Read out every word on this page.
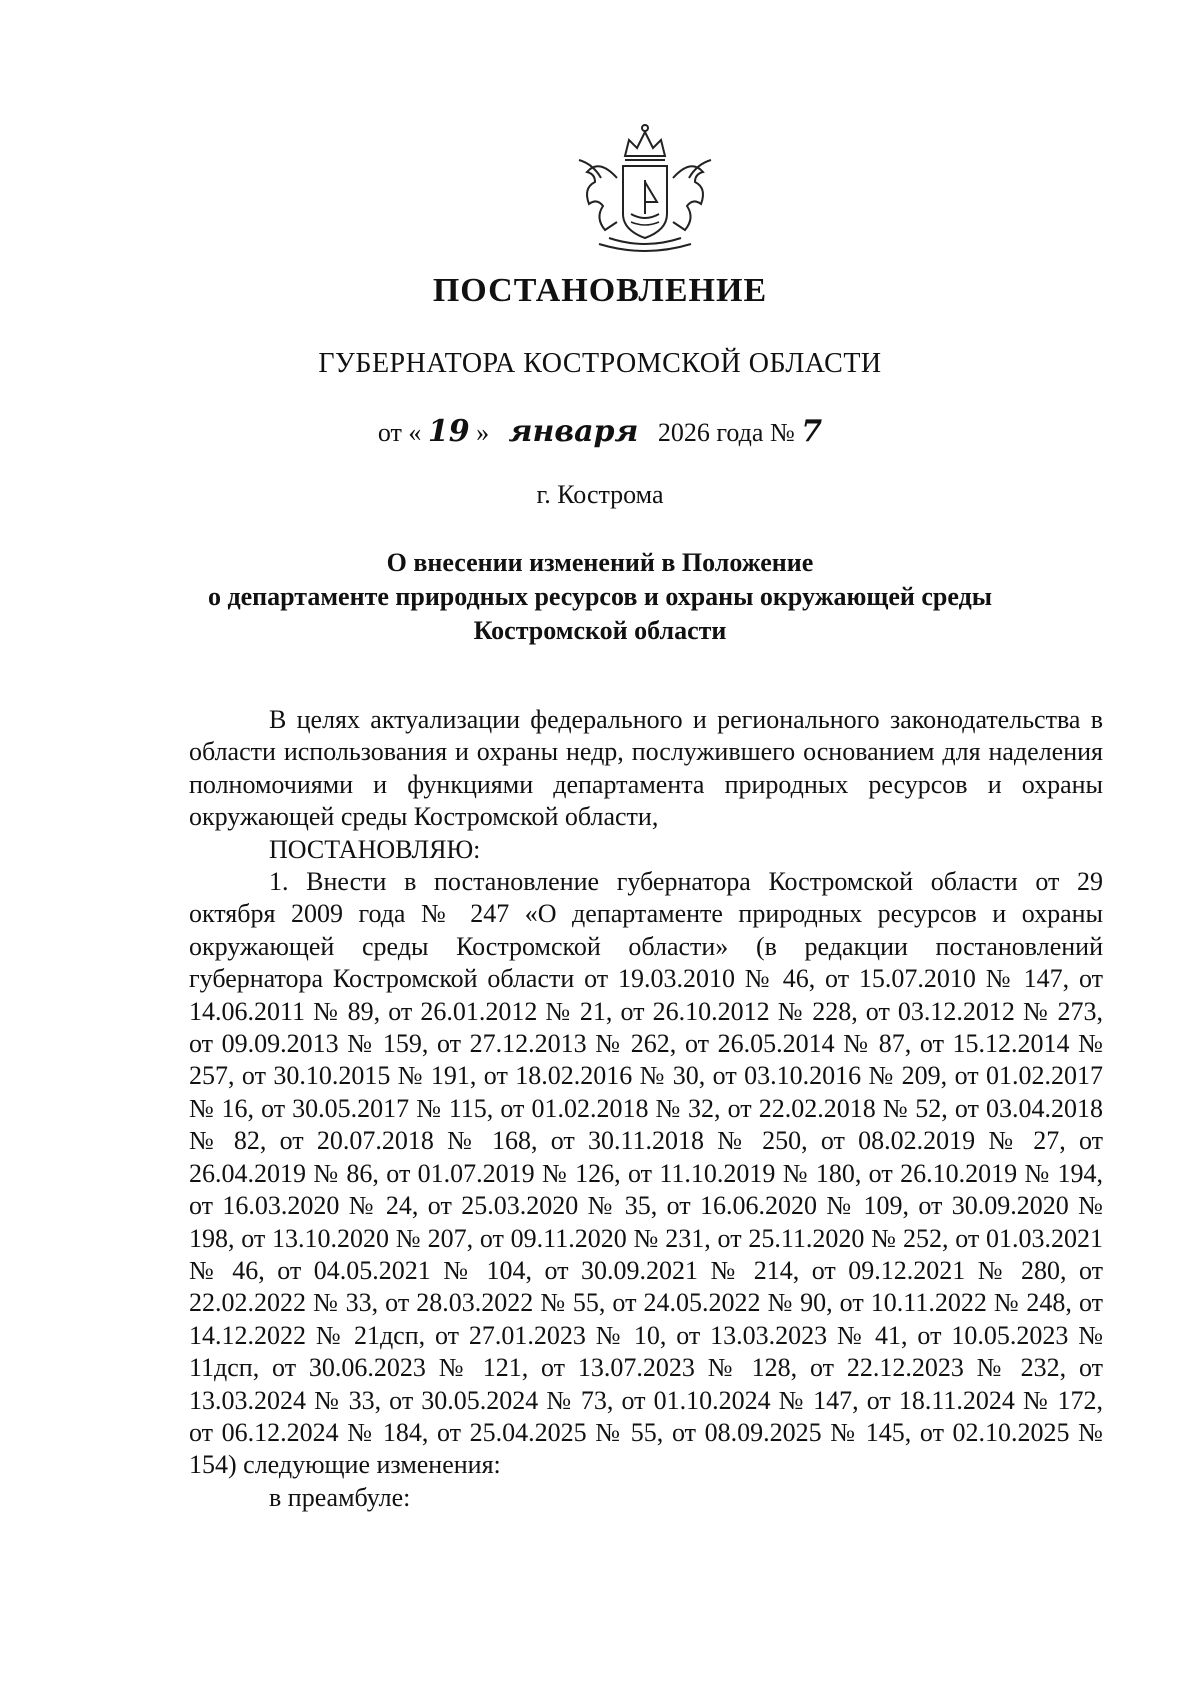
ПОСТАНОВЛЕНИЕ
ГУБЕРНАТОРА КОСТРОМСКОЙ ОБЛАСТИ
от « 19 » января 2026 года № 7
г. Кострома
О внесении изменений в Положение
о департаменте природных ресурсов и охраны окружающей среды
Костромской области

В целях актуализации федерального и регионального законодательства в области использования и охраны недр, послужившего основанием для наделения полномочиями и функциями департамента природных ресурсов и охраны окружающей среды Костромской области,

ПОСТАНОВЛЯЮ:

1. Внести в постановление губернатора Костромской области от 29 октября 2009 года № 247 «О департаменте природных ресурсов и охраны окружающей среды Костромской области» (в редакции постановлений губернатора Костромской области от 19.03.2010 № 46, от 15.07.2010 № 147, от 14.06.2011 № 89, от 26.01.2012 № 21, от 26.10.2012 № 228, от 03.12.2012 № 273, от 09.09.2013 № 159, от 27.12.2013 № 262, от 26.05.2014 № 87, от 15.12.2014 № 257, от 30.10.2015 № 191, от 18.02.2016 № 30, от 03.10.2016 № 209, от 01.02.2017 № 16, от 30.05.2017 № 115, от 01.02.2018 № 32, от 22.02.2018 № 52, от 03.04.2018 № 82, от 20.07.2018 № 168, от 30.11.2018 № 250, от 08.02.2019 № 27, от 26.04.2019 № 86, от 01.07.2019 № 126, от 11.10.2019 № 180, от 26.10.2019 № 194, от 16.03.2020 № 24, от 25.03.2020 № 35, от 16.06.2020 № 109, от 30.09.2020 № 198, от 13.10.2020 № 207, от 09.11.2020 № 231, от 25.11.2020 № 252, от 01.03.2021 № 46, от 04.05.2021 № 104, от 30.09.2021 № 214, от 09.12.2021 № 280, от 22.02.2022 № 33, от 28.03.2022 № 55, от 24.05.2022 № 90, от 10.11.2022 № 248, от 14.12.2022 № 21дсп, от 27.01.2023 № 10, от 13.03.2023 № 41, от 10.05.2023 № 11дсп, от 30.06.2023 № 121, от 13.07.2023 № 128, от 22.12.2023 № 232, от 13.03.2024 № 33, от 30.05.2024 № 73, от 01.10.2024 № 147, от 18.11.2024 № 172, от 06.12.2024 № 184, от 25.04.2025 № 55, от 08.09.2025 № 145, от 02.10.2025 № 154) следующие изменения:

в преамбуле:
